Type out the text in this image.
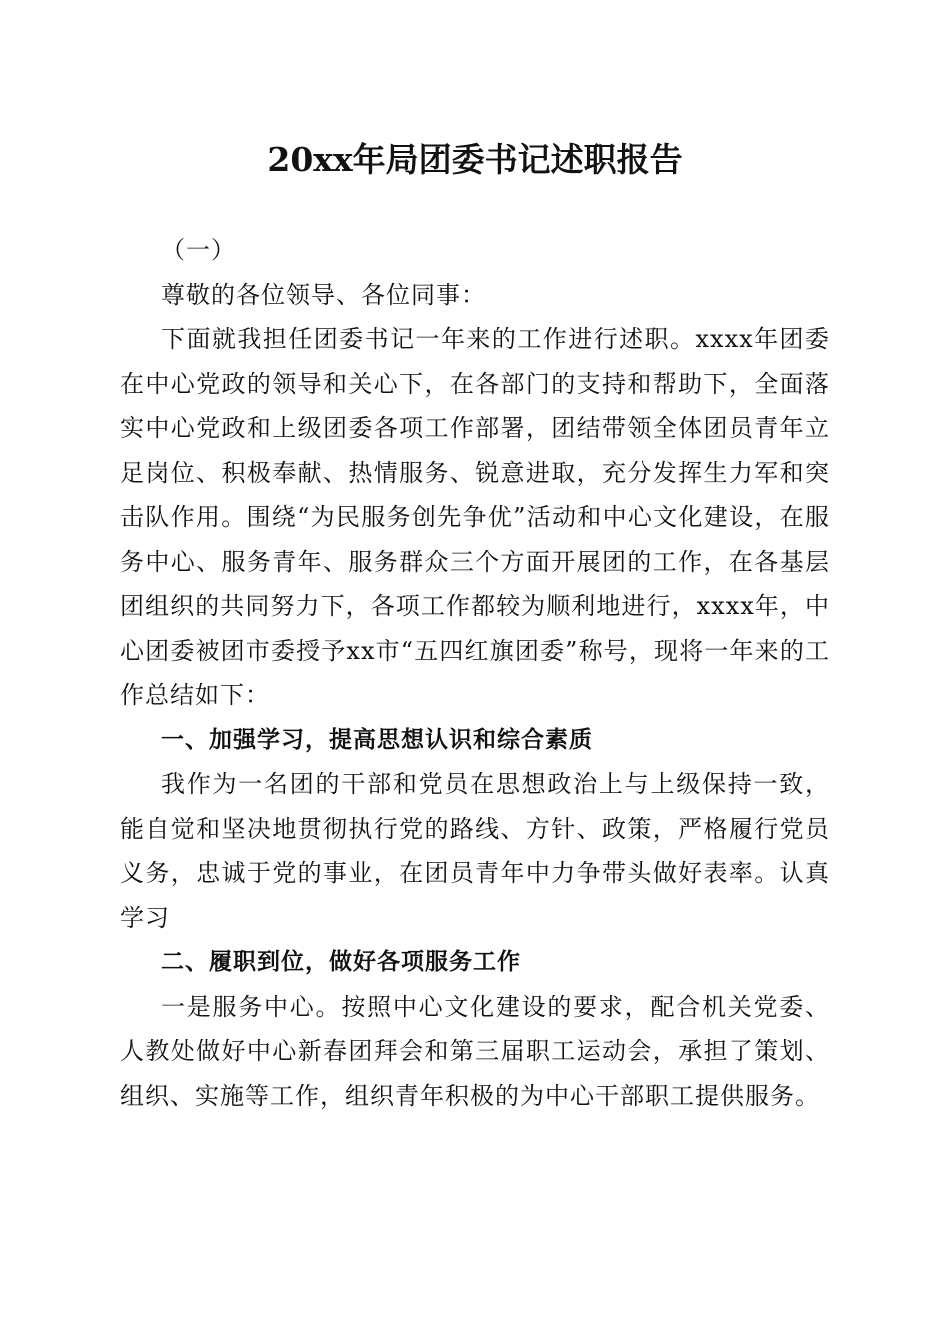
20xx年局团委书记述职报告

（一）

尊敬的各位领导、各位同事：

下面就我担任团委书记一年来的工作进行述职。xxxx年团委在中心党政的领导和关心下，在各部门的支持和帮助下，全面落实中心党政和上级团委各项工作部署，团结带领全体团员青年立足岗位、积极奉献、热情服务、锐意进取，充分发挥生力军和突击队作用。围绕“为民服务创先争优”活动和中心文化建设，在服务中心、服务青年、服务群众三个方面开展团的工作，在各基层团组织的共同努力下，各项工作都较为顺利地进行，xxxx年，中心团委被团市委授予xx市“五四红旗团委”称号，现将一年来的工作总结如下：

一、加强学习，提高思想认识和综合素质

我作为一名团的干部和党员在思想政治上与上级保持一致，能自觉和坚决地贯彻执行党的路线、方针、政策，严格履行党员义务，忠诚于党的事业，在团员青年中力争带头做好表率。认真学习

二、履职到位，做好各项服务工作

一是服务中心。按照中心文化建设的要求，配合机关党委、人教处做好中心新春团拜会和第三届职工运动会，承担了策划、组织、实施等工作，组织青年积极的为中心干部职工提供服务。
